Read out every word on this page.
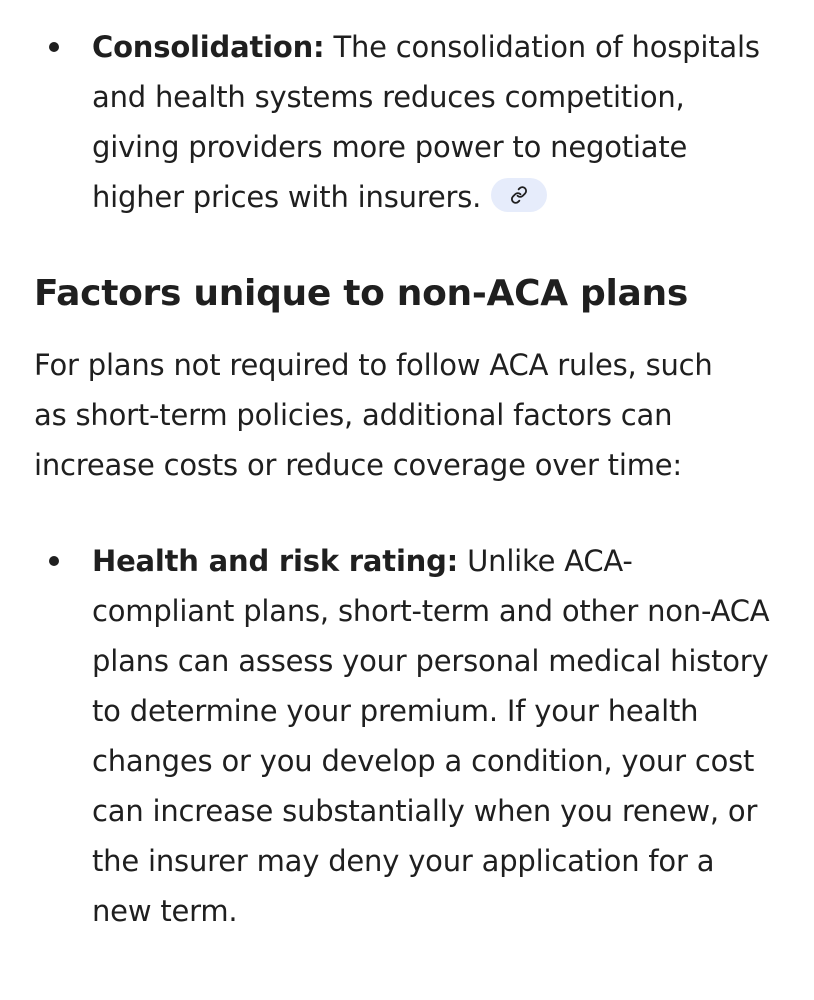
Consolidation: The consolidation of hospitals and health systems reduces competition, giving providers more power to negotiate higher prices with insurers.
Factors unique to non-ACA plans

For plans not required to follow ACA rules, such as short-term policies, additional factors can increase costs or reduce coverage over time:

Health and risk rating: Unlike ACA-compliant plans, short-term and other non-ACA plans can assess your personal medical history to determine your premium. If your health changes or you develop a condition, your cost can increase substantially when you renew, or the insurer may deny your application for a new term.
